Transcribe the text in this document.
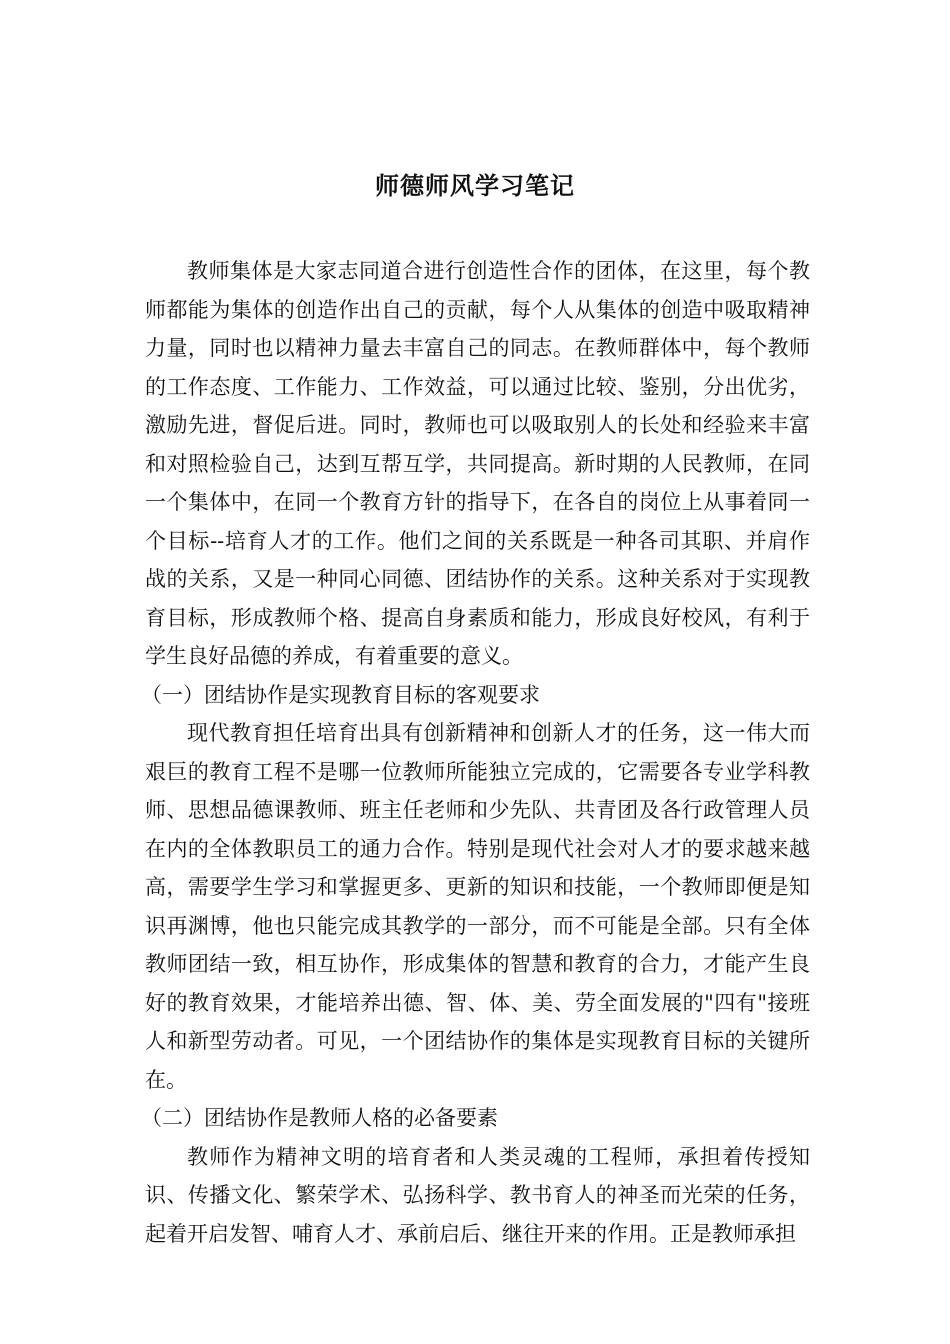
师德师风学习笔记

教师集体是大家志同道合进行创造性合作的团体，在这里，每个教师都能为集体的创造作出自己的贡献，每个人从集体的创造中吸取精神力量，同时也以精神力量去丰富自己的同志。在教师群体中，每个教师的工作态度、工作能力、工作效益，可以通过比较、鉴别，分出优劣，激励先进，督促后进。同时，教师也可以吸取别人的长处和经验来丰富和对照检验自己，达到互帮互学，共同提高。新时期的人民教师，在同一个集体中，在同一个教育方针的指导下，在各自的岗位上从事着同一个目标--培育人才的工作。他们之间的关系既是一种各司其职、并肩作战的关系，又是一种同心同德、团结协作的关系。这种关系对于实现教育目标，形成教师个格、提高自身素质和能力，形成良好校风，有利于学生良好品德的养成，有着重要的意义。

（一）团结协作是实现教育目标的客观要求

现代教育担任培育出具有创新精神和创新人才的任务，这一伟大而艰巨的教育工程不是哪一位教师所能独立完成的，它需要各专业学科教师、思想品德课教师、班主任老师和少先队、共青团及各行政管理人员在内的全体教职员工的通力合作。特别是现代社会对人才的要求越来越高，需要学生学习和掌握更多、更新的知识和技能，一个教师即便是知识再渊博，他也只能完成其教学的一部分，而不可能是全部。只有全体教师团结一致，相互协作，形成集体的智慧和教育的合力，才能产生良好的教育效果，才能培养出德、智、体、美、劳全面发展的"四有"接班人和新型劳动者。可见，一个团结协作的集体是实现教育目标的关键所在。

（二）团结协作是教师人格的必备要素

教师作为精神文明的培育者和人类灵魂的工程师，承担着传授知识、传播文化、繁荣学术、弘扬科学、教书育人的神圣而光荣的任务，起着开启发智、哺育人才、承前启后、继往开来的作用。正是教师承担
